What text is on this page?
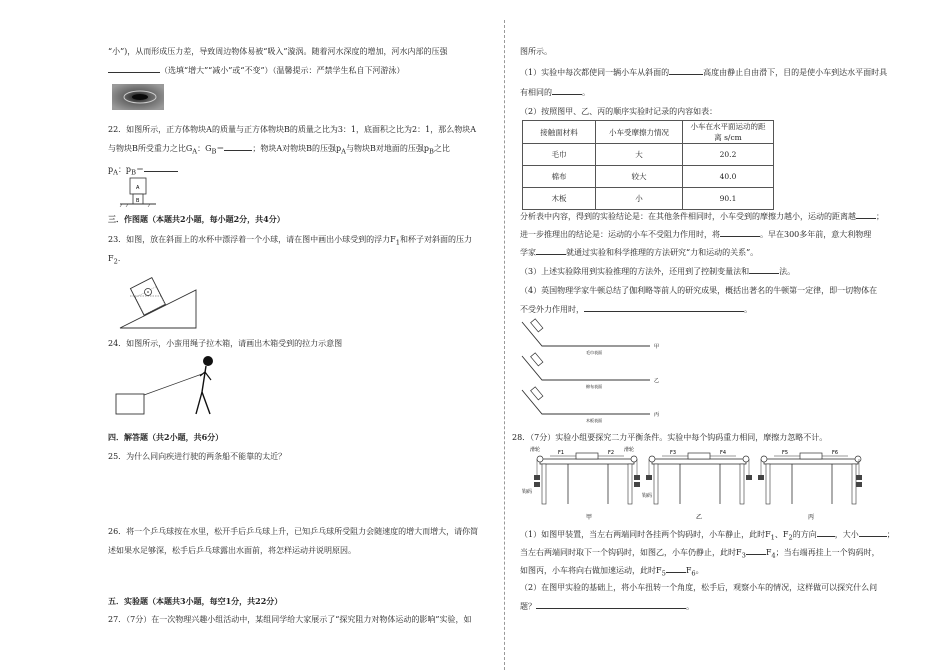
“小”)，从而形成压力差，导致周边物体易被“吸入”漩涡。随着河水深度的增加，河水内部的压强
（选填“增大”“减小”或“不变”）（温馨提示：严禁学生私自下河游泳）
22．如图所示，正方体物块A的质量与正方体物块B的质量之比为3：1，底面积之比为2：1，那么物块A
与物块B所受重力之比$G_A$：$G_B=$	；物块A对物块B的压强$p_A$与物块B对地面的压强$p_B$之比
$p_A$：$p_B=$
A
B
三．作图题（本题共2小题，每小题2分，共4分）
23．如图，放在斜面上的水杯中漂浮着一个小球，请在图中画出小球受到的浮力$F_1$和杯子对斜面的压力
$F_2$．
24．如图所示，小蛮用绳子拉木箱，请画出木箱受到的拉力示意图
四．解答题（共2小题，共6分）
25．为什么同向疾进行驶的两条船不能靠的太近？
26．将一个乒乓球按在水里，松开手后乒乓球上升，已知乒乓球所受阻力会随速度的增大而增大，请你简
述如果水足够深，松手后乒乓球露出水面前，将怎样运动并说明原因。
五．实验题（本题共3小题，每空1分，共22分）
27．（7分）在一次物理兴趣小组活动中，某组同学给大家展示了“探究阻力对物体运动的影响”实验，如
图所示。
（1）实验中每次都使同一辆小车从斜面的	高度由静止自由滑下，目的是使小车到达水平面时具
有相同的	。
（2）按照图甲、乙、丙的顺序实验时记录的内容如表：
接触面材料	小车受摩擦力情况	小车在水平面运动的距离 s/cm
毛巾	大	20.2
棉布	较大	40.0
木板	小	90.1
分析表中内容，得到的实验结论是：在其他条件相同时，小车受到的摩擦力越小，运动的距离越	；
进一步推理出的结论是：运动的小车不受阻力作用时，将	。早在300多年前，意大利物理
学家	就通过实验和科学推理的方法研究“力和运动的关系”。
（3）上述实验除用到实验推理的方法外，还用到了控制变量法和	法。
（4）英国物理学家牛顿总结了伽利略等前人的研究成果，概括出著名的牛顿第一定律，即一切物体在
不受外力作用时，	。
毛巾表面
甲
棉布表面
乙
木板表面
丙
28．（7分）实验小组要探究二力平衡条件。实验中每个钩码重力相同，摩擦力忽略不计。
滑轮	滑轮
F1	F2
钩码
钩码
甲
F3	F4
乙
F5	F6
丙
（1）如图甲装置，当左右两端同时各挂两个钩码时，小车静止，此时$F_1$、$F_2$的方向 ，大小	；
当左右两端同时取下一个钩码时，如图乙，小车仍静止，此时$F_3$	$F_4$；当右端再挂上一个钩码时，
如图丙，小车将向右做加速运动，此时$F_5$	$F_6$。
（2）在图甲实验的基础上，将小车扭转一个角度，松手后，观察小车的情况，这样做可以探究什么问
题？	。
